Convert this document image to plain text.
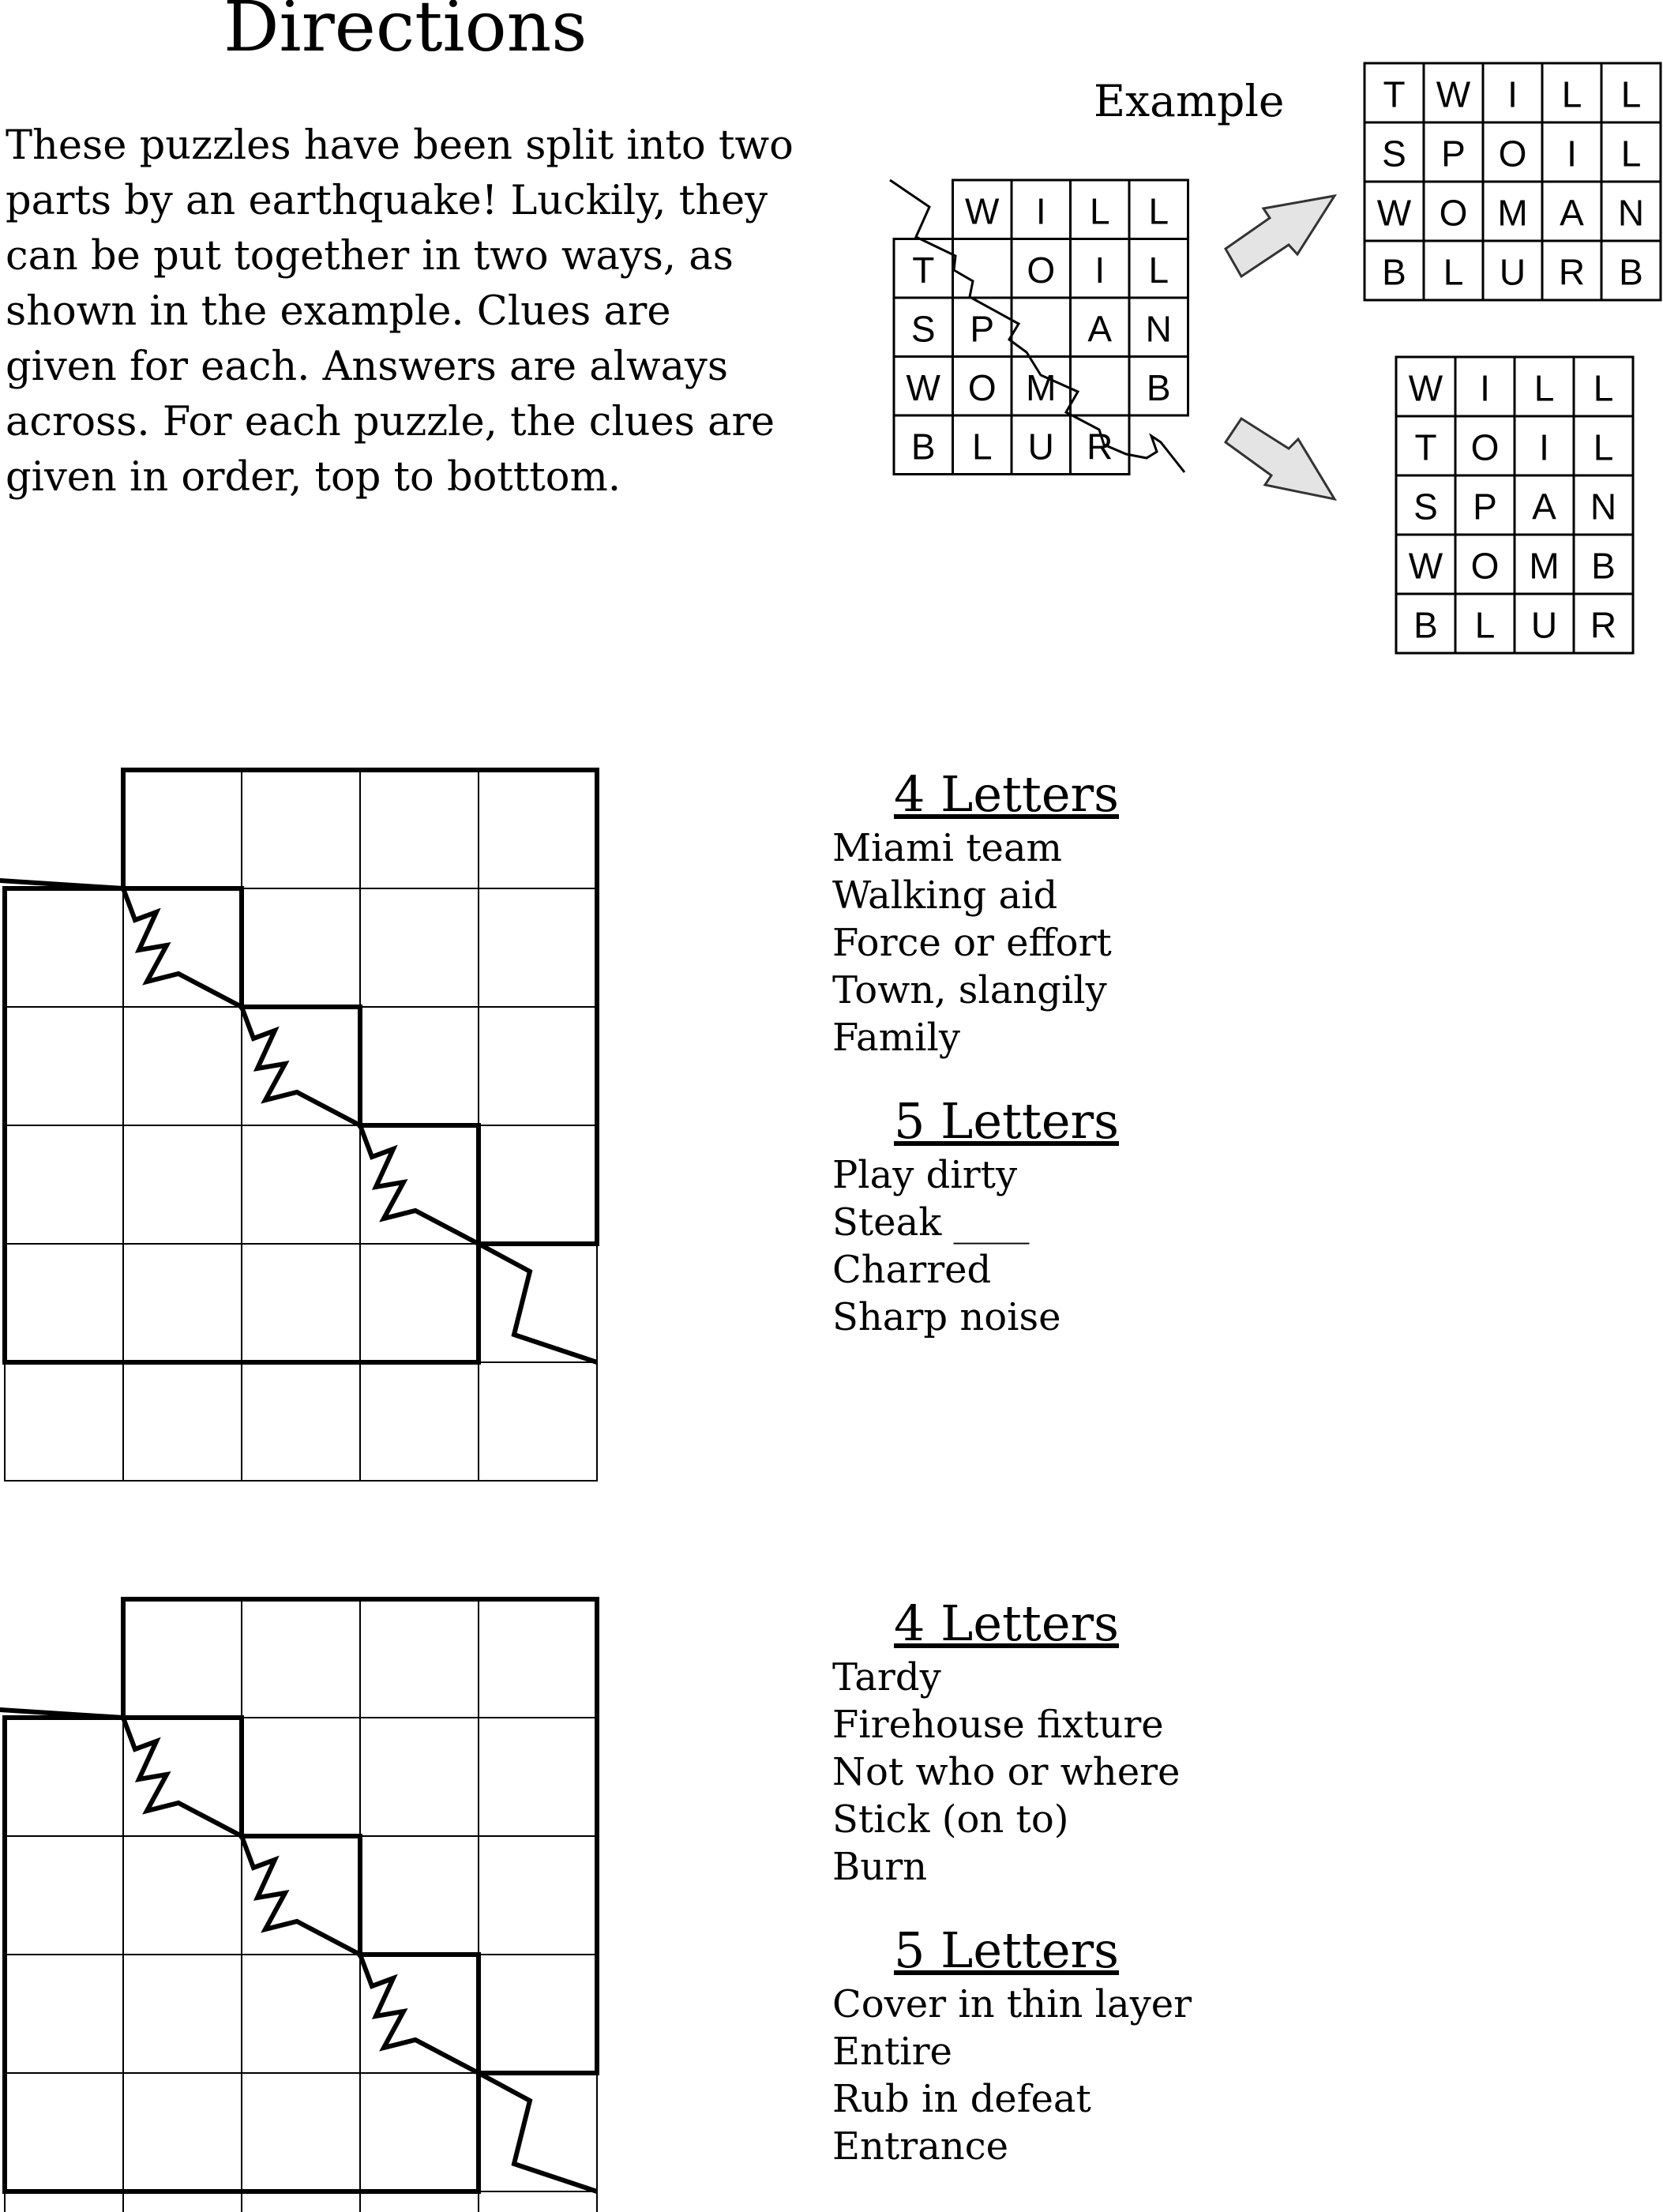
Directions
These puzzles have been split into two
parts by an earthquake! Luckily, they
can be put together in two ways, as
shown in the example. Clues are
given for each. Answers are always
across. For each puzzle, the clues are
given in order, top to botttom.
Example
W I L L
T	O I L
S P	A N
W O M B
B L U R
T W I L L
S P O I L
W O M A N
B L U R B
W I L L
T O I L
S P A N
W O M B
B L U R
4 Letters
Miami team
Walking aid
Force or effort
Town, slangily
Family
5 Letters
Play dirty
Steak ____
Charred
Sharp noise
4 Letters
Tardy
Firehouse fixture
Not who or where
Stick (on to)
Burn
5 Letters
Cover in thin layer
Entire
Rub in defeat
Entrance
